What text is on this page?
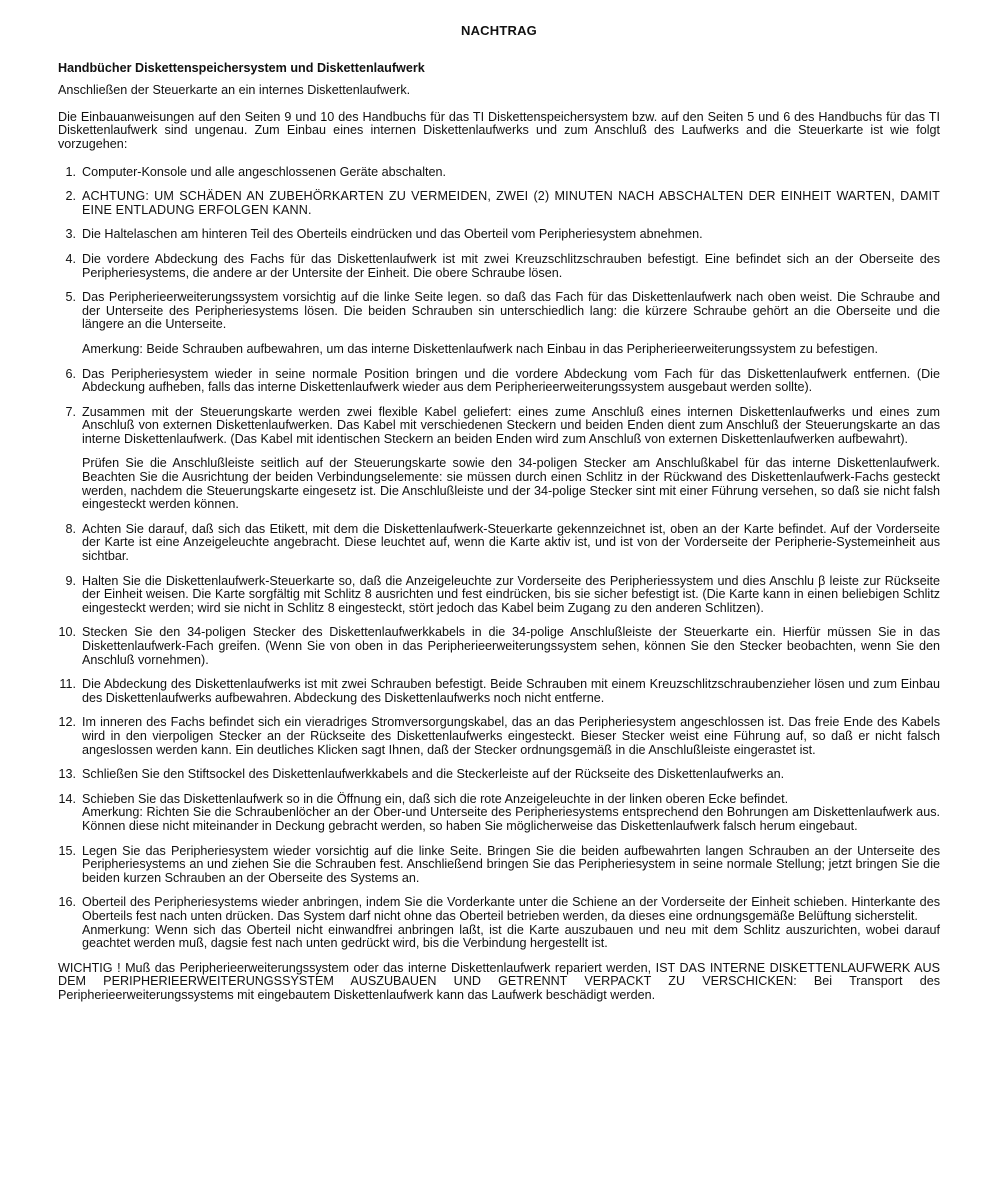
NACHTRAG
Handbücher Diskettenspeichersystem und Diskettenlaufwerk
Anschließen der Steuerkarte an ein internes Diskettenlaufwerk.
Die Einbauanweisungen auf den Seiten 9 und 10 des Handbuchs für das TI Diskettenspeichersystem bzw. auf den Seiten 5 und 6 des Handbuchs für das TI Diskettenlaufwerk sind ungenau. Zum Einbau eines internen Diskettenlaufwerks und zum Anschluß des Laufwerks and die Steuerkarte ist wie folgt vorzugehen:
1. Computer-Konsole und alle angeschlossenen Geräte abschalten.
2. ACHTUNG: UM SCHÄDEN AN ZUBEHÖRKARTEN ZU VERMEIDEN, ZWEI (2) MINUTEN NACH ABSCHALTEN DER EINHEIT WARTEN, DAMIT EINE ENTLADUNG ERFOLGEN KANN.
3. Die Haltelaschen am hinteren Teil des Oberteils eindrücken und das Oberteil vom Peripheriesystem abnehmen.
4. Die vordere Abdeckung des Fachs für das Diskettenlaufwerk ist mit zwei Kreuzschlitzschrauben befestigt. Eine befindet sich an der Oberseite des Peripheriesystems, die andere ar der Untersite der Einheit. Die obere Schraube lösen.
5. Das Peripherieerweiterungssystem vorsichtig auf die linke Seite legen. so daß das Fach für das Diskettenlaufwerk nach oben weist. Die Schraube and der Unterseite des Peripheriesystems lösen. Die beiden Schrauben sin unterschiedlich lang: die kürzere Schraube gehört an die Oberseite und die längere an die Unterseite.
Amerkung: Beide Schrauben aufbewahren, um das interne Diskettenlaufwerk nach Einbau in das Peripherieerweiterungssystem zu befestigen.
6. Das Peripheriesystem wieder in seine normale Position bringen und die vordere Abdeckung vom Fach für das Diskettenlaufwerk entfernen. (Die Abdeckung aufheben, falls das interne Diskettenlaufwerk wieder aus dem Peripherieerweiterungssystem ausgebaut werden sollte).
7. Zusammen mit der Steuerungskarte werden zwei flexible Kabel geliefert: eines zume Anschluß eines internen Diskettenlaufwerks und eines zum Anschluß von externen Diskettenlaufwerken. Das Kabel mit verschiedenen Steckern und beiden Enden dient zum Anschluß der Steuerungskarte an das interne Diskettenlaufwerk. (Das Kabel mit identischen Steckern an beiden Enden wird zum Anschluß von externen Diskettenlaufwerken aufbewahrt).
Prüfen Sie die Anschlußleiste seitlich auf der Steuerungskarte sowie den 34-poligen Stecker am Anschlußkabel für das interne Diskettenlaufwerk. Beachten Sie die Ausrichtung der beiden Verbindungselemente: sie müssen durch einen Schlitz in der Rückwand des Diskettenlaufwerk-Fachs gesteckt werden, nachdem die Steuerungskarte eingesetz ist. Die Anschlußleiste und der 34-polige Stecker sint mit einer Führung versehen, so daß sie nicht falsh eingesteckt werden können.
8. Achten Sie darauf, daß sich das Etikett, mit dem die Diskettenlaufwerk-Steuerkarte gekennzeichnet ist, oben an der Karte befindet. Auf der Vorderseite der Karte ist eine Anzeigeleuchte angebracht. Diese leuchtet auf, wenn die Karte aktiv ist, und ist von der Vorderseite der Peripherie-Systemeinheit aus sichtbar.
9. Halten Sie die Diskettenlaufwerk-Steuerkarte so, daß die Anzeigeleuchte zur Vorderseite des Peripheriessystem und dies Anschlu β leiste zur Rückseite der Einheit weisen. Die Karte sorgfältig mit Schlitz 8 ausrichten und fest eindrücken, bis sie sicher befestigt ist. (Die Karte kann in einen beliebigen Schlitz eingesteckt werden; wird sie nicht in Schlitz 8 eingesteckt, stört jedoch das Kabel beim Zugang zu den anderen Schlitzen).
10. Stecken Sie den 34-poligen Stecker des Diskettenlaufwerkkabels in die 34-polige Anschlußleiste der Steuerkarte ein. Hierfür müssen Sie in das Diskettenlaufwerk-Fach greifen. (Wenn Sie von oben in das Peripherieerweiterungssystem sehen, können Sie den Stecker beobachten, wenn Sie den Anschluß vornehmen).
11. Die Abdeckung des Diskettenlaufwerks ist mit zwei Schrauben befestigt. Beide Schrauben mit einem Kreuzschlitzschraubenzieher lösen und zum Einbau des Diskettenlaufwerks aufbewahren. Abdeckung des Diskettenlaufwerks noch nicht entferne.
12. Im inneren des Fachs befindet sich ein vieradriges Stromversorgungskabel, das an das Peripheriesystem angeschlossen ist. Das freie Ende des Kabels wird in den vierpoligen Stecker an der Rückseite des Diskettenlaufwerks eingesteckt. Bieser Stecker weist eine Führung auf, so daß er nicht falsch angeslossen werden kann. Ein deutliches Klicken sagt Ihnen, daß der Stecker ordnungsgemäß in die Anschlußleiste eingerastet ist.
13. Schließen Sie den Stiftsockel des Diskettenlaufwerkkabels and die Steckerleiste auf der Rückseite des Diskettenlaufwerks an.
14. Schieben Sie das Diskettenlaufwerk so in die Öffnung ein, daß sich die rote Anzeigeleuchte in der linken oberen Ecke befindet.
Amerkung: Richten Sie die Schraubenlöcher an der Ober-und Unterseite des Peripheriesystems entsprechend den Bohrungen am Diskettenlaufwerk aus. Können diese nicht miteinander in Deckung gebracht werden, so haben Sie möglicherweise das Diskettenlaufwerk falsch herum eingebaut.
15. Legen Sie das Peripheriesystem wieder vorsichtig auf die linke Seite. Bringen Sie die beiden aufbewahrten langen Schrauben an der Unterseite des Peripheriesystems an und ziehen Sie die Schrauben fest. Anschließend bringen Sie das Peripheriesystem in seine normale Stellung; jetzt bringen Sie die beiden kurzen Schrauben an der Oberseite des Systems an.
16. Oberteil des Peripheriesystems wieder anbringen, indem Sie die Vorderkante unter die Schiene an der Vorderseite der Einheit schieben. Hinterkante des Oberteils fest nach unten drücken. Das System darf nicht ohne das Oberteil betrieben werden, da dieses eine ordnungsgemäße Belüftung sicherstelit.
Anmerkung: Wenn sich das Oberteil nicht einwandfrei anbringen laßt, ist die Karte auszubauen und neu mit dem Schlitz auszurichten, wobei darauf geachtet werden muß, dagsie fest nach unten gedrückt wird, bis die Verbindung hergestellt ist.
WICHTIG ! Muß das Peripherieerweiterungssystem oder das interne Diskettenlaufwerk repariert werden, IST DAS INTERNE DISKETTENLAUFWERK AUS DEM PERIPHERIEERWEITERUNGSSYSTEM AUSZUBAUEN UND GETRENNT VERPACKT ZU VERSCHICKEN: Bei Transport des Peripherieerweiterungssystems mit eingebautem Diskettenlaufwerk kann das Laufwerk beschädigt werden.
